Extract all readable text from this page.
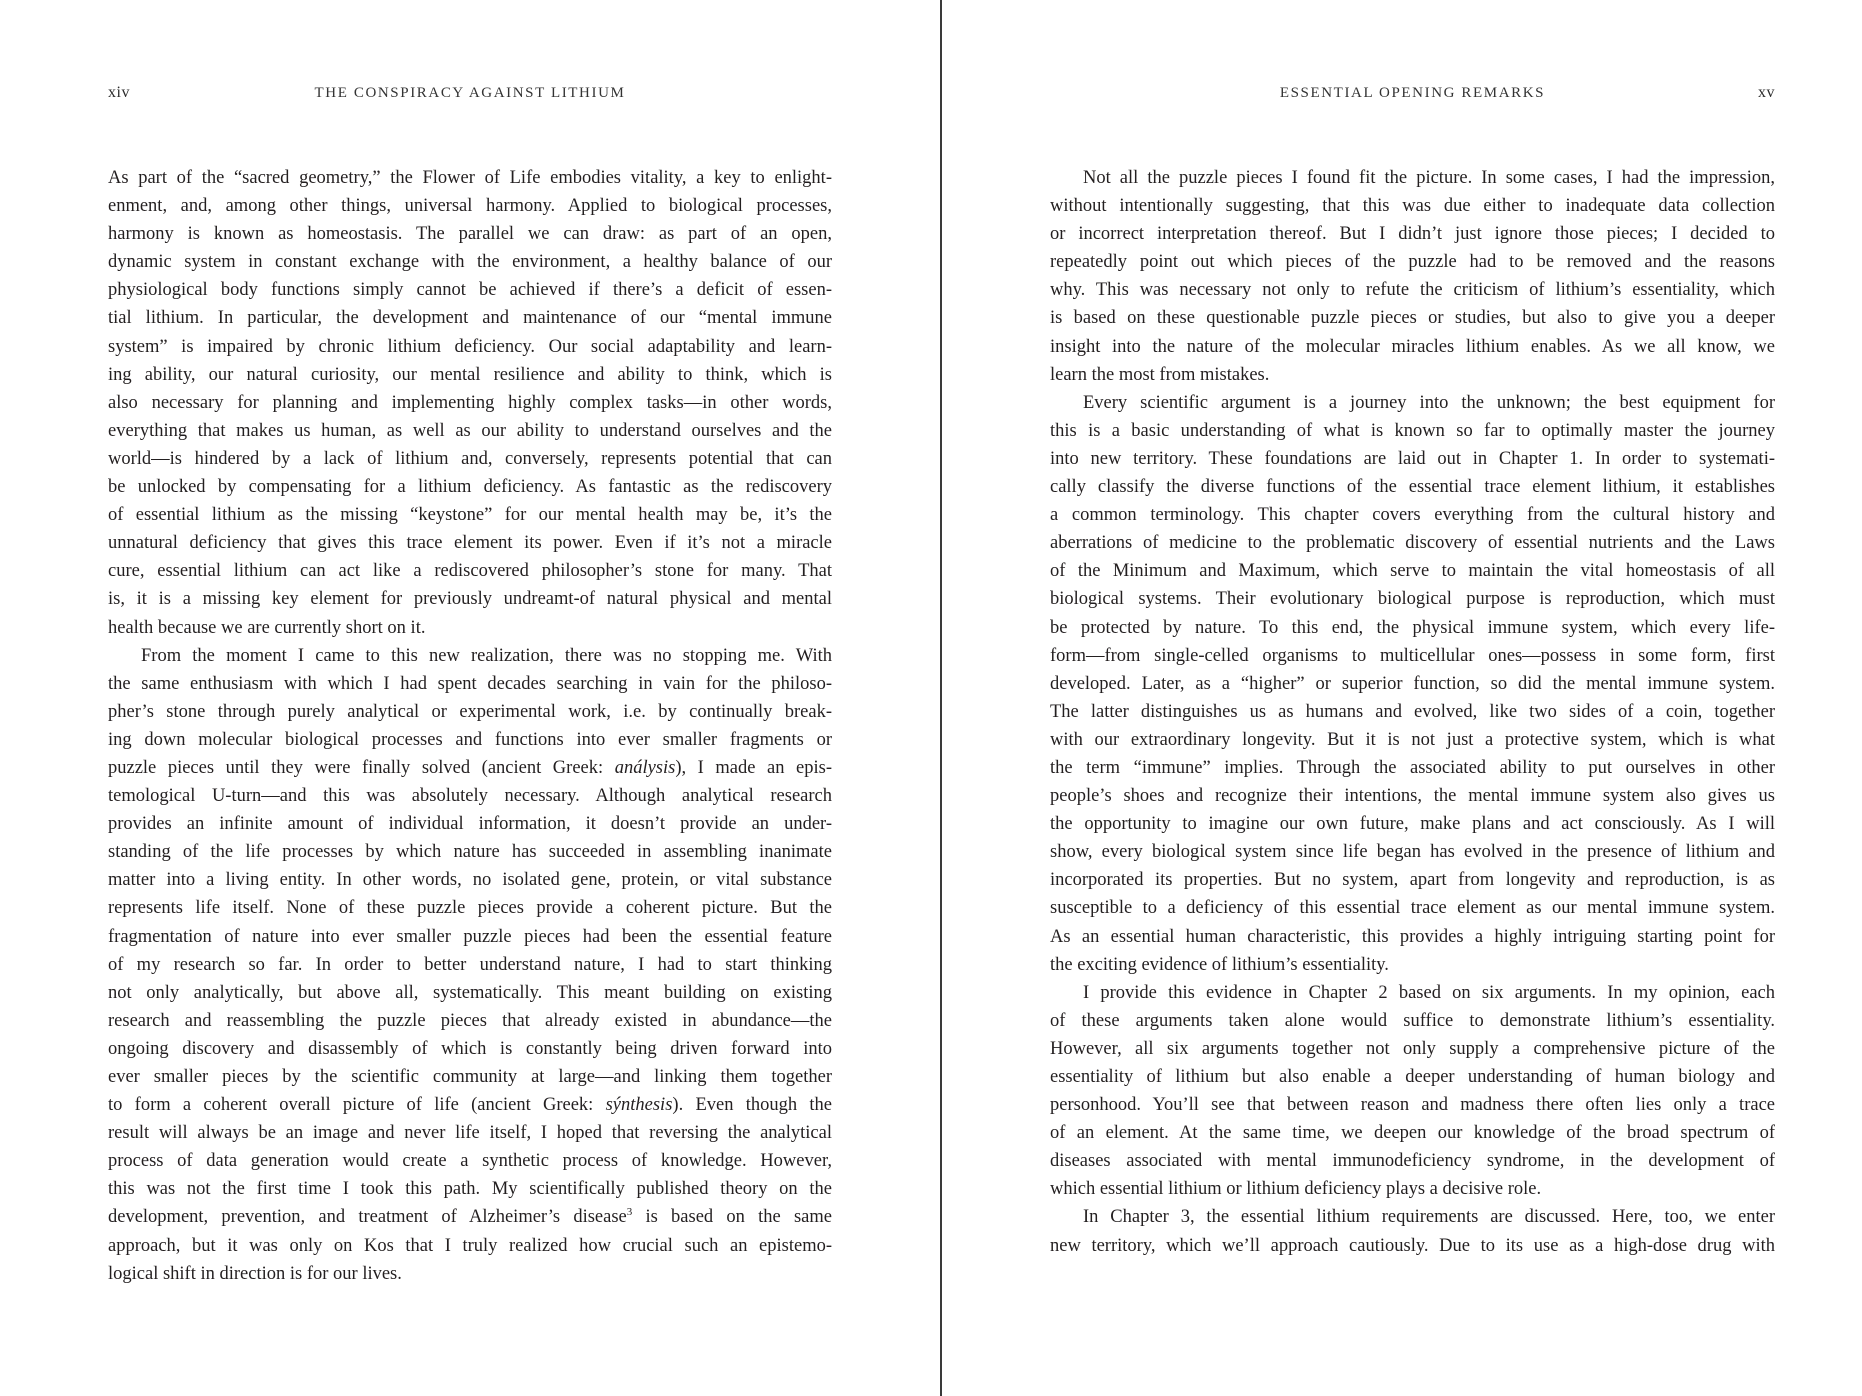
xiv	THE CONSPIRACY AGAINST LITHIUM
As part of the “sacred geometry,” the Flower of Life embodies vitality, a key to enlight-
enment, and, among other things, universal harmony. Applied to biological processes,
harmony is known as homeostasis. The parallel we can draw: as part of an open,
dynamic system in constant exchange with the environment, a healthy balance of our
physiological body functions simply cannot be achieved if there’s a deficit of essen-
tial lithium. In particular, the development and maintenance of our “mental immune
system” is impaired by chronic lithium deficiency. Our social adaptability and learn-
ing ability, our natural curiosity, our mental resilience and ability to think, which is
also necessary for planning and implementing highly complex tasks—in other words,
everything that makes us human, as well as our ability to understand ourselves and the
world—is hindered by a lack of lithium and, conversely, represents potential that can
be unlocked by compensating for a lithium deficiency. As fantastic as the rediscovery
of essential lithium as the missing “keystone” for our mental health may be, it’s the
unnatural deficiency that gives this trace element its power. Even if it’s not a miracle
cure, essential lithium can act like a rediscovered philosopher’s stone for many. That
is, it is a missing key element for previously undreamt-of natural physical and mental
health because we are currently short on it.
From the moment I came to this new realization, there was no stopping me. With
the same enthusiasm with which I had spent decades searching in vain for the philoso-
pher’s stone through purely analytical or experimental work, i.e. by continually break-
ing down molecular biological processes and functions into ever smaller fragments or
puzzle pieces until they were finally solved (ancient Greek: análysis), I made an epis-
temological U-turn—and this was absolutely necessary. Although analytical research
provides an infinite amount of individual information, it doesn’t provide an under-
standing of the life processes by which nature has succeeded in assembling inanimate
matter into a living entity. In other words, no isolated gene, protein, or vital substance
represents life itself. None of these puzzle pieces provide a coherent picture. But the
fragmentation of nature into ever smaller puzzle pieces had been the essential feature
of my research so far. In order to better understand nature, I had to start thinking
not only analytically, but above all, systematically. This meant building on existing
research and reassembling the puzzle pieces that already existed in abundance—the
ongoing discovery and disassembly of which is constantly being driven forward into
ever smaller pieces by the scientific community at large—and linking them together
to form a coherent overall picture of life (ancient Greek: sýnthesis). Even though the
result will always be an image and never life itself, I hoped that reversing the analytical
process of data generation would create a synthetic process of knowledge. However,
this was not the first time I took this path. My scientifically published theory on the
development, prevention, and treatment of Alzheimer’s disease$^3$ is based on the same
approach, but it was only on Kos that I truly realized how crucial such an epistemo-
logical shift in direction is for our lives.
ESSENTIAL OPENING REMARKS	xv
Not all the puzzle pieces I found fit the picture. In some cases, I had the impression,
without intentionally suggesting, that this was due either to inadequate data collection
or incorrect interpretation thereof. But I didn’t just ignore those pieces; I decided to
repeatedly point out which pieces of the puzzle had to be removed and the reasons
why. This was necessary not only to refute the criticism of lithium’s essentiality, which
is based on these questionable puzzle pieces or studies, but also to give you a deeper
insight into the nature of the molecular miracles lithium enables. As we all know, we
learn the most from mistakes.
Every scientific argument is a journey into the unknown; the best equipment for
this is a basic understanding of what is known so far to optimally master the journey
into new territory. These foundations are laid out in Chapter 1. In order to systemati-
cally classify the diverse functions of the essential trace element lithium, it establishes
a common terminology. This chapter covers everything from the cultural history and
aberrations of medicine to the problematic discovery of essential nutrients and the Laws
of the Minimum and Maximum, which serve to maintain the vital homeostasis of all
biological systems. Their evolutionary biological purpose is reproduction, which must
be protected by nature. To this end, the physical immune system, which every life-
form—from single-celled organisms to multicellular ones—possess in some form, first
developed. Later, as a “higher” or superior function, so did the mental immune system.
The latter distinguishes us as humans and evolved, like two sides of a coin, together
with our extraordinary longevity. But it is not just a protective system, which is what
the term “immune” implies. Through the associated ability to put ourselves in other
people’s shoes and recognize their intentions, the mental immune system also gives us
the opportunity to imagine our own future, make plans and act consciously. As I will
show, every biological system since life began has evolved in the presence of lithium and
incorporated its properties. But no system, apart from longevity and reproduction, is as
susceptible to a deficiency of this essential trace element as our mental immune system.
As an essential human characteristic, this provides a highly intriguing starting point for
the exciting evidence of lithium’s essentiality.
I provide this evidence in Chapter 2 based on six arguments. In my opinion, each
of these arguments taken alone would suffice to demonstrate lithium’s essentiality.
However, all six arguments together not only supply a comprehensive picture of the
essentiality of lithium but also enable a deeper understanding of human biology and
personhood. You’ll see that between reason and madness there often lies only a trace
of an element. At the same time, we deepen our knowledge of the broad spectrum of
diseases associated with mental immunodeficiency syndrome, in the development of
which essential lithium or lithium deficiency plays a decisive role.
In Chapter 3, the essential lithium requirements are discussed. Here, too, we enter
new territory, which we’ll approach cautiously. Due to its use as a high-dose drug with
